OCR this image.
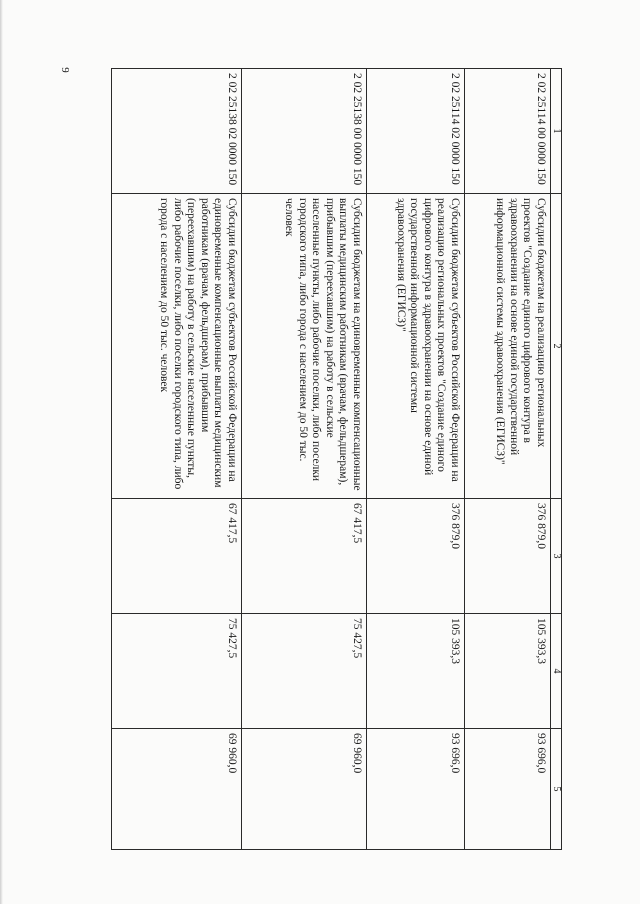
9
1	2	3	4	5
2 02 25114 00 0000 150	Субсидии бюджетам на реализацию региональных проектов "Создание единого цифрового контура в здравоохранении на основе единой государственной информационной системы здравоохранения (ЕГИСЗ)"	376 879,0	105 393,3	93 696,0
2 02 25114 02 0000 150	Субсидии бюджетам субъектов Российской Федерации на реализацию региональных проектов "Создание единого цифрового контура в здравоохранении на основе единой государственной информационной системы здравоохранения (ЕГИСЗ)"	376 879,0	105 393,3	93 696,0
2 02 25138 00 0000 150	Субсидии бюджетам на единовременные компенсационные выплаты медицинским работникам (врачам, фельдшерам), прибывшим (переехавшим) на работу в сельские населенные пункты, либо рабочие поселки, либо поселки городского типа, либо города с населением до 50 тыс. человек	67 417,5	75 427,5	69 960,0
2 02 25138 02 0000 150	Субсидии бюджетам субъектов Российской Федерации на единовременные компенсационные выплаты медицинским работникам (врачам, фельдшерам), прибывшим (переехавшим) на работу в сельские населенные пункты, либо рабочие поселки, либо поселки городского типа, либо города с населением до 50 тыс. человек	67 417,5	75 427,5	69 960,0
